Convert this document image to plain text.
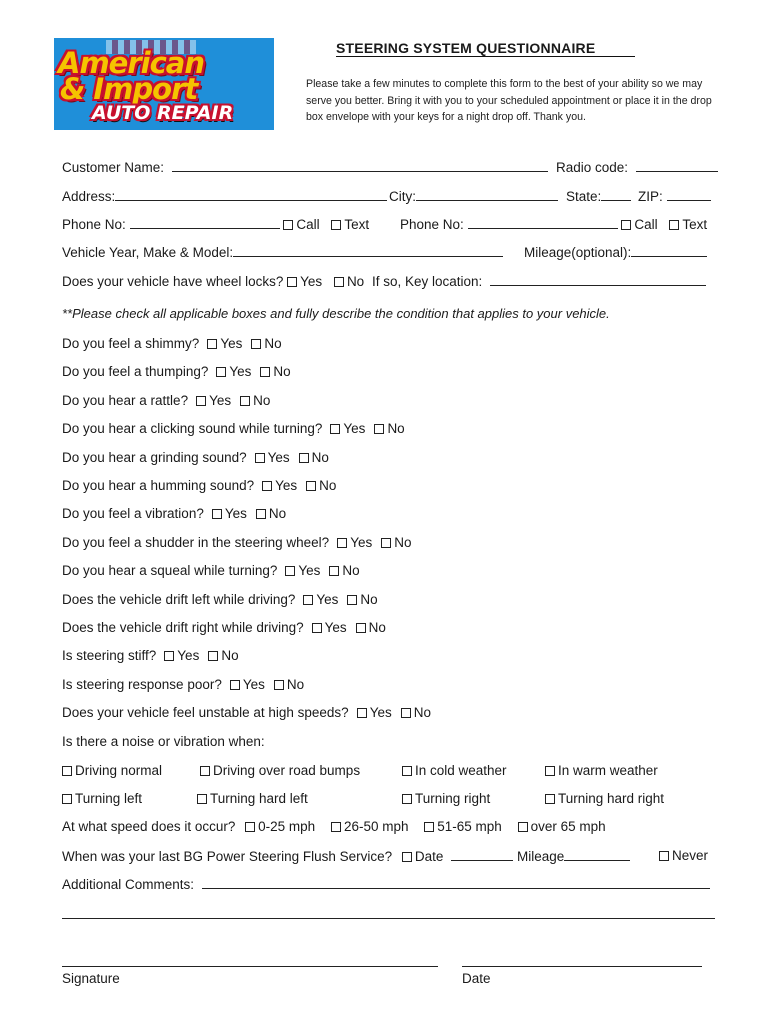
American
& Import
AUTO REPAIR
STEERING SYSTEM QUESTIONNAIRE
Please take a few minutes to complete this form to the best of your ability so we may serve you better. Bring it with you to your scheduled appointment or place it in the drop box envelope with your keys for a night drop off. Thank you.
Customer Name:	Radio code:
Address:	City:	State:	ZIP:
Phone No:	Call Text Phone No:	Call Text
Vehicle Year, Make & Model:	Mileage(optional):
Does your vehicle have wheel locks? Yes No If so, Key location:
**Please check all applicable boxes and fully describe the condition that applies to your vehicle.
Do you feel a shimmy? Yes No
Do you feel a thumping? Yes No
Do you hear a rattle? Yes No
Do you hear a clicking sound while turning? Yes No
Do you hear a grinding sound? Yes No
Do you hear a humming sound? Yes No
Do you feel a vibration? Yes No
Do you feel a shudder in the steering wheel? Yes No
Do you hear a squeal while turning? Yes No
Does the vehicle drift left while driving? Yes No
Does the vehicle drift right while driving? Yes No
Is steering stiff? Yes No
Is steering response poor? Yes No
Does your vehicle feel unstable at high speeds? Yes No
Is there a noise or vibration when:
Driving normal	Driving over road bumps	In cold weather	In warm weather
Turning left	Turning hard left	Turning right	Turning hard right
At what speed does it occur? 0-25 mph 26-50 mph 51-65 mph over 65 mph
When was your last BG Power Steering Flush Service? Date	Mileage	Never
Additional Comments:
Signature	Date
